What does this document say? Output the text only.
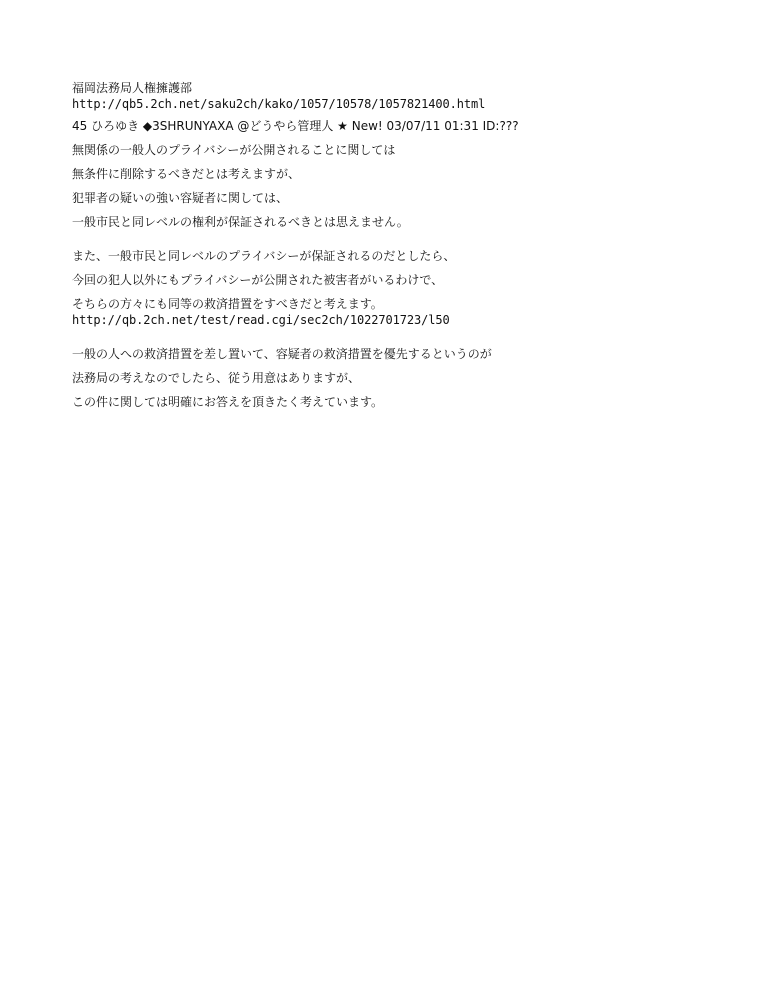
福岡法務局人権擁護部
http://qb5.2ch.net/saku2ch/kako/1057/10578/1057821400.html
45 ひろゆき ◆3SHRUNYAXA @どうやら管理人 ★ New! 03/07/11 01:31 ID:???
無関係の一般人のプライバシーが公開されることに関しては
無条件に削除するべきだとは考えますが、
犯罪者の疑いの強い容疑者に関しては、
一般市民と同レベルの権利が保証されるべきとは思えません。
また、一般市民と同レベルのプライバシーが保証されるのだとしたら、
今回の犯人以外にもプライバシーが公開された被害者がいるわけで、
そちらの方々にも同等の救済措置をすべきだと考えます。
http://qb.2ch.net/test/read.cgi/sec2ch/1022701723/l50
一般の人への救済措置を差し置いて、容疑者の救済措置を優先するというのが
法務局の考えなのでしたら、従う用意はありますが、
この件に関しては明確にお答えを頂きたく考えています。
